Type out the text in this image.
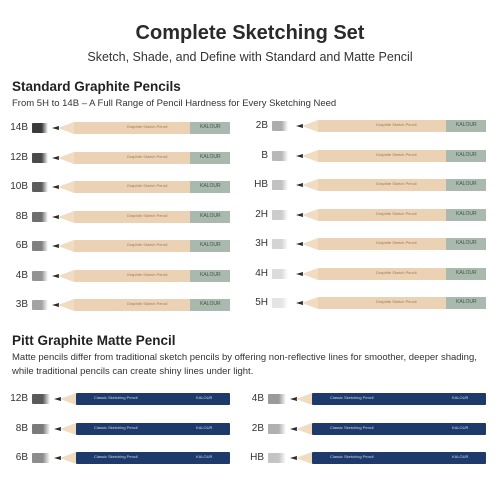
Complete Sketching Set
Sketch, Shade, and Define with Standard and Matte Pencil
Standard Graphite Pencils
From 5H to 14B – A Full Range of Pencil Hardness for Every Sketching Need
14B	Graphite Sketch Pencil	KALOUR
12B	Graphite Sketch Pencil	KALOUR
10B	Graphite Sketch Pencil	KALOUR
8B	Graphite Sketch Pencil	KALOUR
6B	Graphite Sketch Pencil	KALOUR
4B	Graphite Sketch Pencil	KALOUR
3B	Graphite Sketch Pencil	KALOUR
2B	Graphite Sketch Pencil	KALOUR
B	Graphite Sketch Pencil	KALOUR
HB	Graphite Sketch Pencil	KALOUR
2H	Graphite Sketch Pencil	KALOUR
3H	Graphite Sketch Pencil	KALOUR
4H	Graphite Sketch Pencil	KALOUR
5H	Graphite Sketch Pencil	KALOUR
Pitt Graphite Matte Pencil
Matte pencils differ from traditional sketch pencils by offering non-reflective lines for smoother, deeper shading,
while traditional pencils can create shiny lines under light.
12B	Classic Sketching Pencil	KALOUR
8B	Classic Sketching Pencil	KALOUR
6B	Classic Sketching Pencil	KALOUR
4B	Classic Sketching Pencil	KALOUR
2B	Classic Sketching Pencil	KALOUR
HB	Classic Sketching Pencil	KALOUR
